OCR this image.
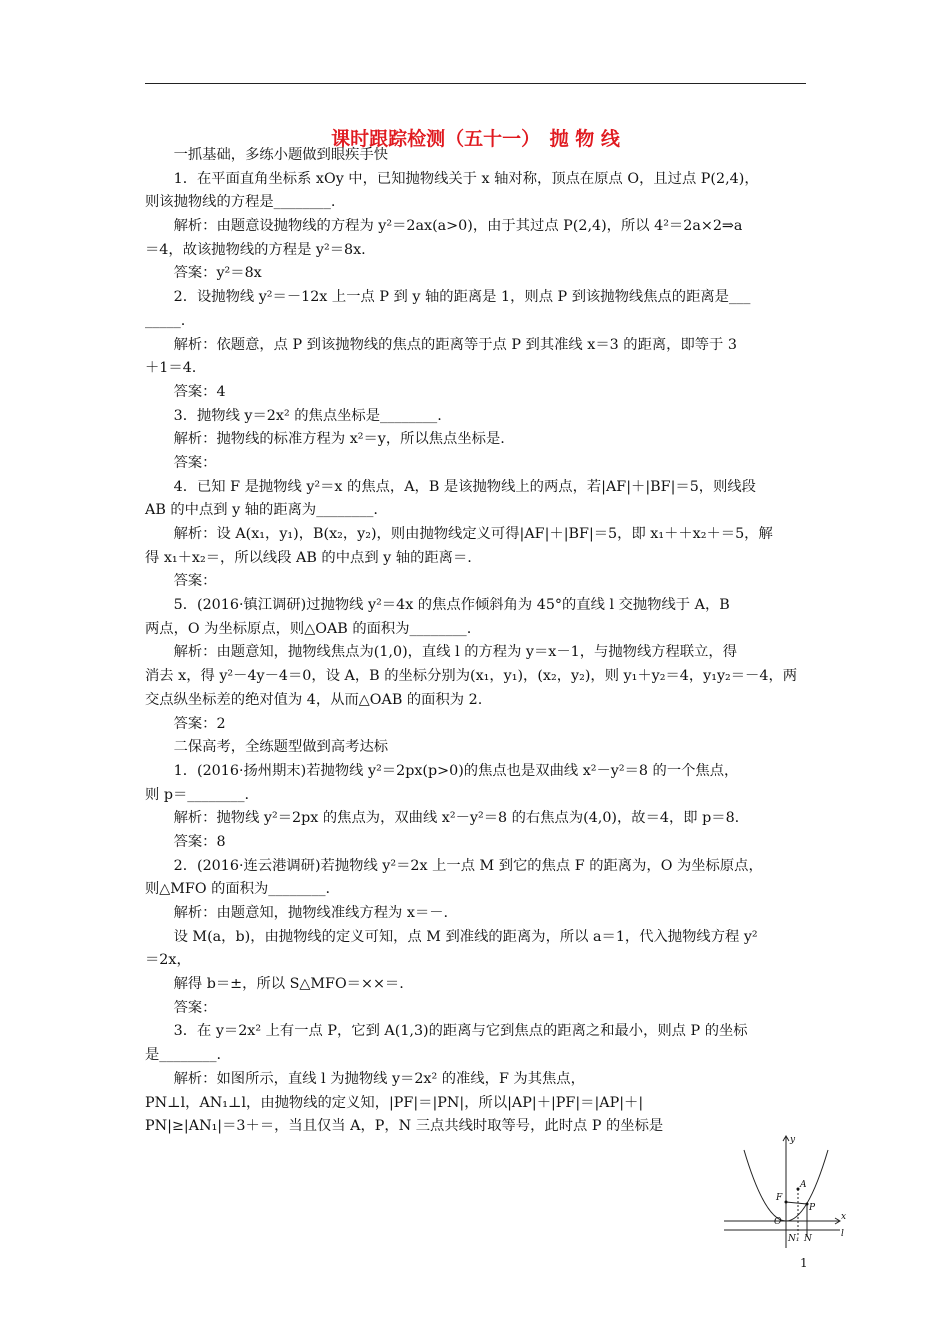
课时跟踪检测（五十一）　抛 物 线
　　一抓基础，多练小题做到眼疾手快
　　1．在平面直角坐标系 xOy 中，已知抛物线关于 x 轴对称，顶点在原点 O，且过点 P(2,4)，
则该抛物线的方程是________.
　　解析：由题意设抛物线的方程为 y²＝2ax(a>0)，由于其过点 P(2,4)，所以 4²＝2a×2⇒a
＝4，故该抛物线的方程是 y²＝8x.
　　答案：y²＝8x
　　2．设抛物线 y²＝－12x 上一点 P 到 y 轴的距离是 1，则点 P 到该抛物线焦点的距离是___
_____.
　　解析：依题意，点 P 到该抛物线的焦点的距离等于点 P 到其准线 x＝3 的距离，即等于 3
＋1＝4.
　　答案：4
　　3．抛物线 y＝2x² 的焦点坐标是________.
　　解析：抛物线的标准方程为 x²＝y，所以焦点坐标是.
　　答案：
　　4．已知 F 是抛物线 y²＝x 的焦点，A，B 是该抛物线上的两点，若|AF|＋|BF|＝5，则线段
AB 的中点到 y 轴的距离为________.
　　解析：设 A(x₁，y₁)，B(x₂，y₂)，则由抛物线定义可得|AF|＋|BF|＝5，即 x₁＋＋x₂＋＝5，解
得 x₁＋x₂＝，所以线段 AB 的中点到 y 轴的距离＝.
　　答案：
　　5．(2016·镇江调研)过抛物线 y²＝4x 的焦点作倾斜角为 45°的直线 l 交抛物线于 A，B
两点，O 为坐标原点，则△OAB 的面积为________.
　　解析：由题意知，抛物线焦点为(1,0)，直线 l 的方程为 y＝x－1，与抛物线方程联立，得
消去 x，得 y²－4y－4＝0，设 A，B 的坐标分别为(x₁，y₁)，(x₂，y₂)，则 y₁＋y₂＝4，y₁y₂＝－4，两
交点纵坐标差的绝对值为 4，从而△OAB 的面积为 2.
　　答案：2
　　二保高考，全练题型做到高考达标
　　1．(2016·扬州期末)若抛物线 y²＝2px(p>0)的焦点也是双曲线 x²－y²＝8 的一个焦点，
则 p＝________.
　　解析：抛物线 y²＝2px 的焦点为，双曲线 x²－y²＝8 的右焦点为(4,0)，故＝4，即 p＝8.
　　答案：8
　　2．(2016·连云港调研)若抛物线 y²＝2x 上一点 M 到它的焦点 F 的距离为，O 为坐标原点，
则△MFO 的面积为________.
　　解析：由题意知，抛物线准线方程为 x＝－.
　　设 M(a，b)，由抛物线的定义可知，点 M 到准线的距离为，所以 a＝1，代入抛物线方程 y²
＝2x，
　　解得 b＝±，所以 S△MFO＝××＝.
　　答案：
　　3．在 y＝2x² 上有一点 P，它到 A(1,3)的距离与它到焦点的距离之和最小，则点 P 的坐标
是________.
　　解析：如图所示，直线 l 为抛物线 y＝2x² 的准线，F 为其焦点，
PN⊥l，AN₁⊥l，由抛物线的定义知，|PF|＝|PN|，所以|AP|＋|PF|＝|AP|＋|
PN|≥|AN₁|＝3＋＝，当且仅当 A，P，N 三点共线时取等号，此时点 P 的坐标是
y
x
A
F
P
O
N₁ N	l
1
